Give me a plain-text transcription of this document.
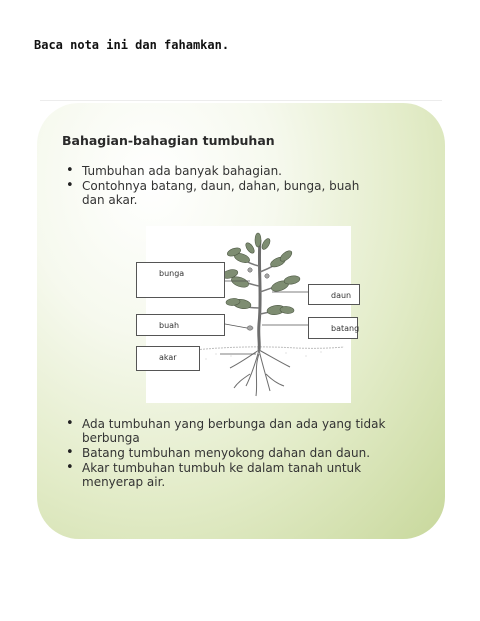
Baca nota ini dan fahamkan.
Bahagian-bahagian tumbuhan
• Tumbuhan ada banyak bahagian.
• Contohnya batang, daun, dahan, bunga, buah dan akar.
bunga
daun
buah	batang
akar
• Ada tumbuhan yang berbunga dan ada yang tidak berbunga
• Batang tumbuhan menyokong dahan dan daun.
• Akar tumbuhan tumbuh ke dalam tanah untuk menyerap air.
